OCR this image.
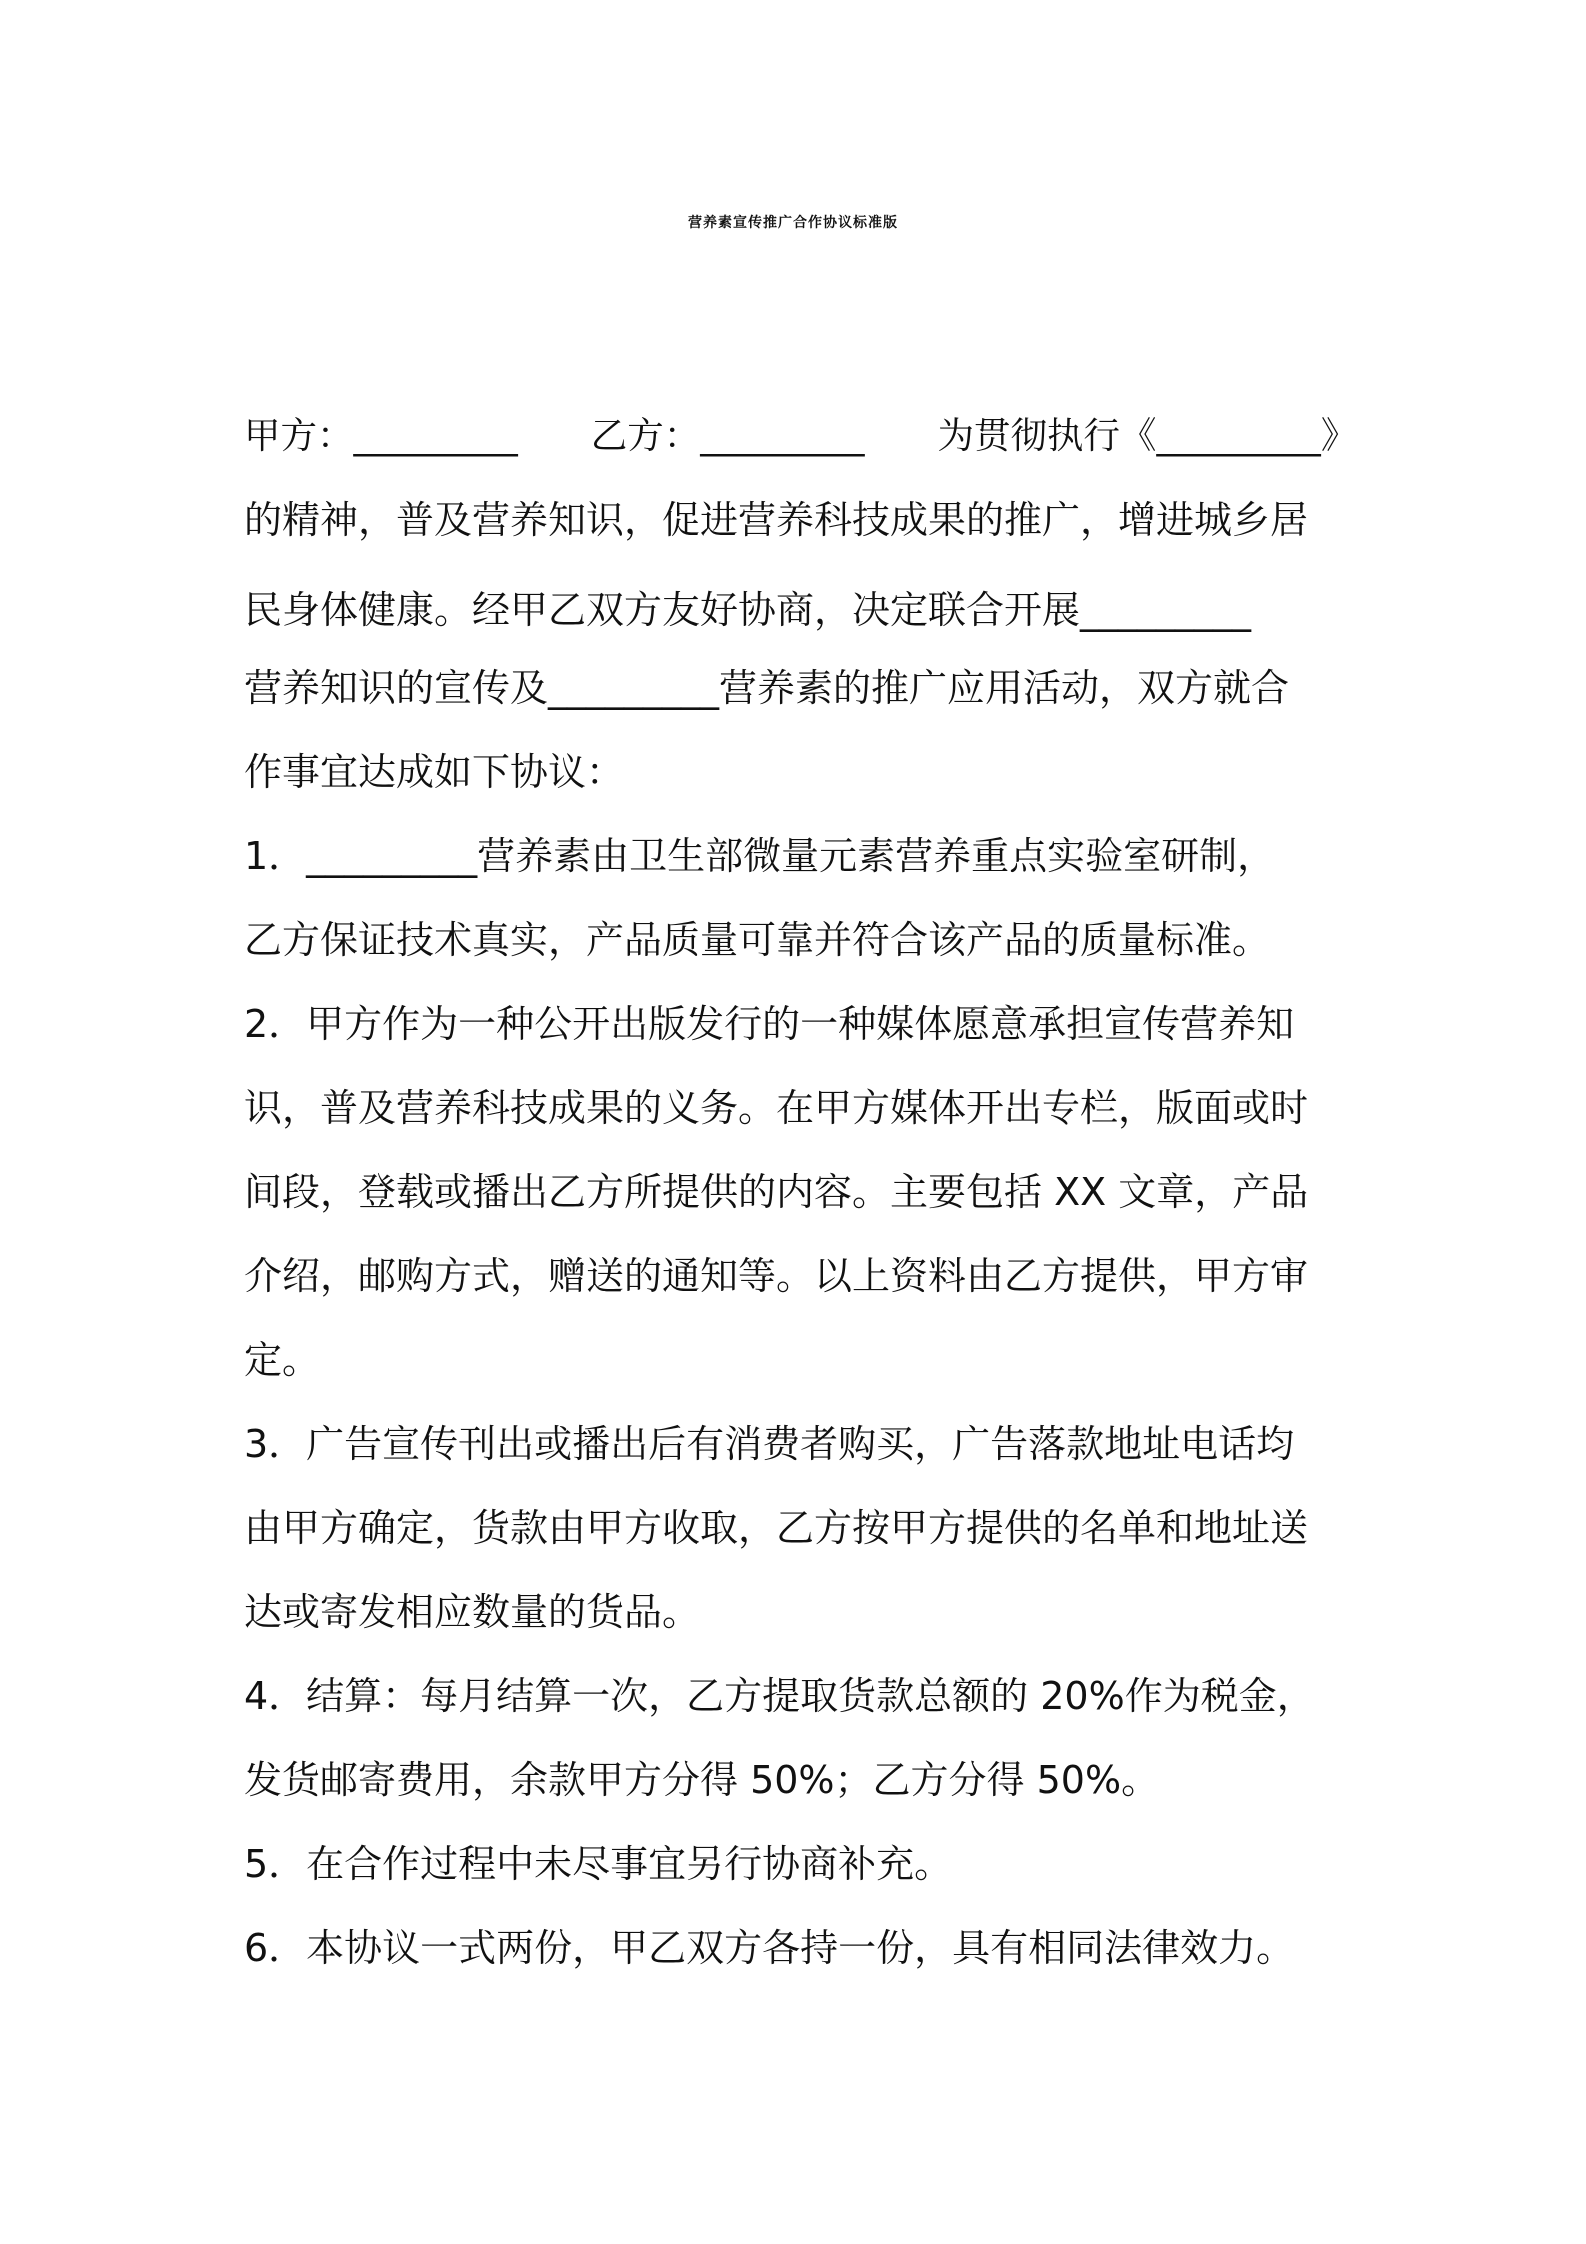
营养素宣传推广合作协议标准版
甲方：_________　　乙方：_________　　为贯彻执行《_________》
的精神，普及营养知识，促进营养科技成果的推广，增进城乡居
民身体健康。经甲乙双方友好协商，决定联合开展_________
营养知识的宣传及_________营养素的推广应用活动，双方就合
作事宜达成如下协议：
1．_________营养素由卫生部微量元素营养重点实验室研制，
乙方保证技术真实，产品质量可靠并符合该产品的质量标准。
2．甲方作为一种公开出版发行的一种媒体愿意承担宣传营养知
识，普及营养科技成果的义务。在甲方媒体开出专栏，版面或时
间段，登载或播出乙方所提供的内容。主要包括 XX 文章，产品
介绍，邮购方式，赠送的通知等。以上资料由乙方提供，甲方审
定。
3．广告宣传刊出或播出后有消费者购买，广告落款地址电话均
由甲方确定，货款由甲方收取，乙方按甲方提供的名单和地址送
达或寄发相应数量的货品。
4．结算：每月结算一次，乙方提取货款总额的 20%作为税金，
发货邮寄费用，余款甲方分得 50%；乙方分得 50%。
5．在合作过程中未尽事宜另行协商补充。
6．本协议一式两份，甲乙双方各持一份，具有相同法律效力。
